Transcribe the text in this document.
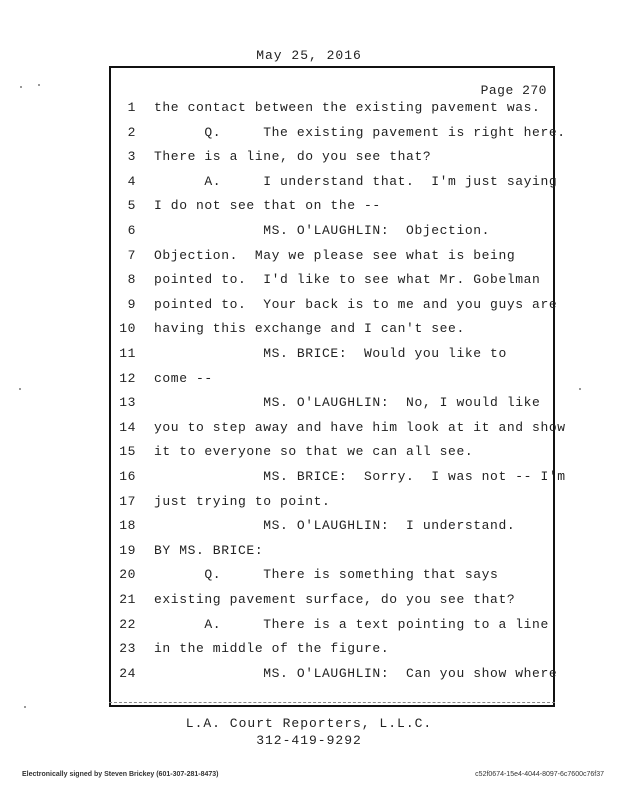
May 25, 2016
Page 270
1 the contact between the existing pavement was.
2 Q.     The existing pavement is right here.
3 There is a line, do you see that?
4 A.     I understand that.  I'm just saying
5 I do not see that on the --
6 MS. O'LAUGHLIN:  Objection.
7 Objection.  May we please see what is being
8 pointed to.  I'd like to see what Mr. Gobelman
9 pointed to.  Your back is to me and you guys are
10 having this exchange and I can't see.
11 MS. BRICE:  Would you like to
12 come --
13 MS. O'LAUGHLIN:  No, I would like
14 you to step away and have him look at it and show
15 it to everyone so that we can all see.
16 MS. BRICE:  Sorry.  I was not -- I'm
17 just trying to point.
18 MS. O'LAUGHLIN:  I understand.
19 BY MS. BRICE:
20 Q.     There is something that says
21 existing pavement surface, do you see that?
22 A.     There is a text pointing to a line
23 in the middle of the figure.
24 MS. O'LAUGHLIN:  Can you show where
L.A. Court Reporters, L.L.C.
312-419-9292
Electronically signed by Steven Brickey (601-307-281-8473)	c52f0674-15e4-4044-8097-6c7600c76f37
